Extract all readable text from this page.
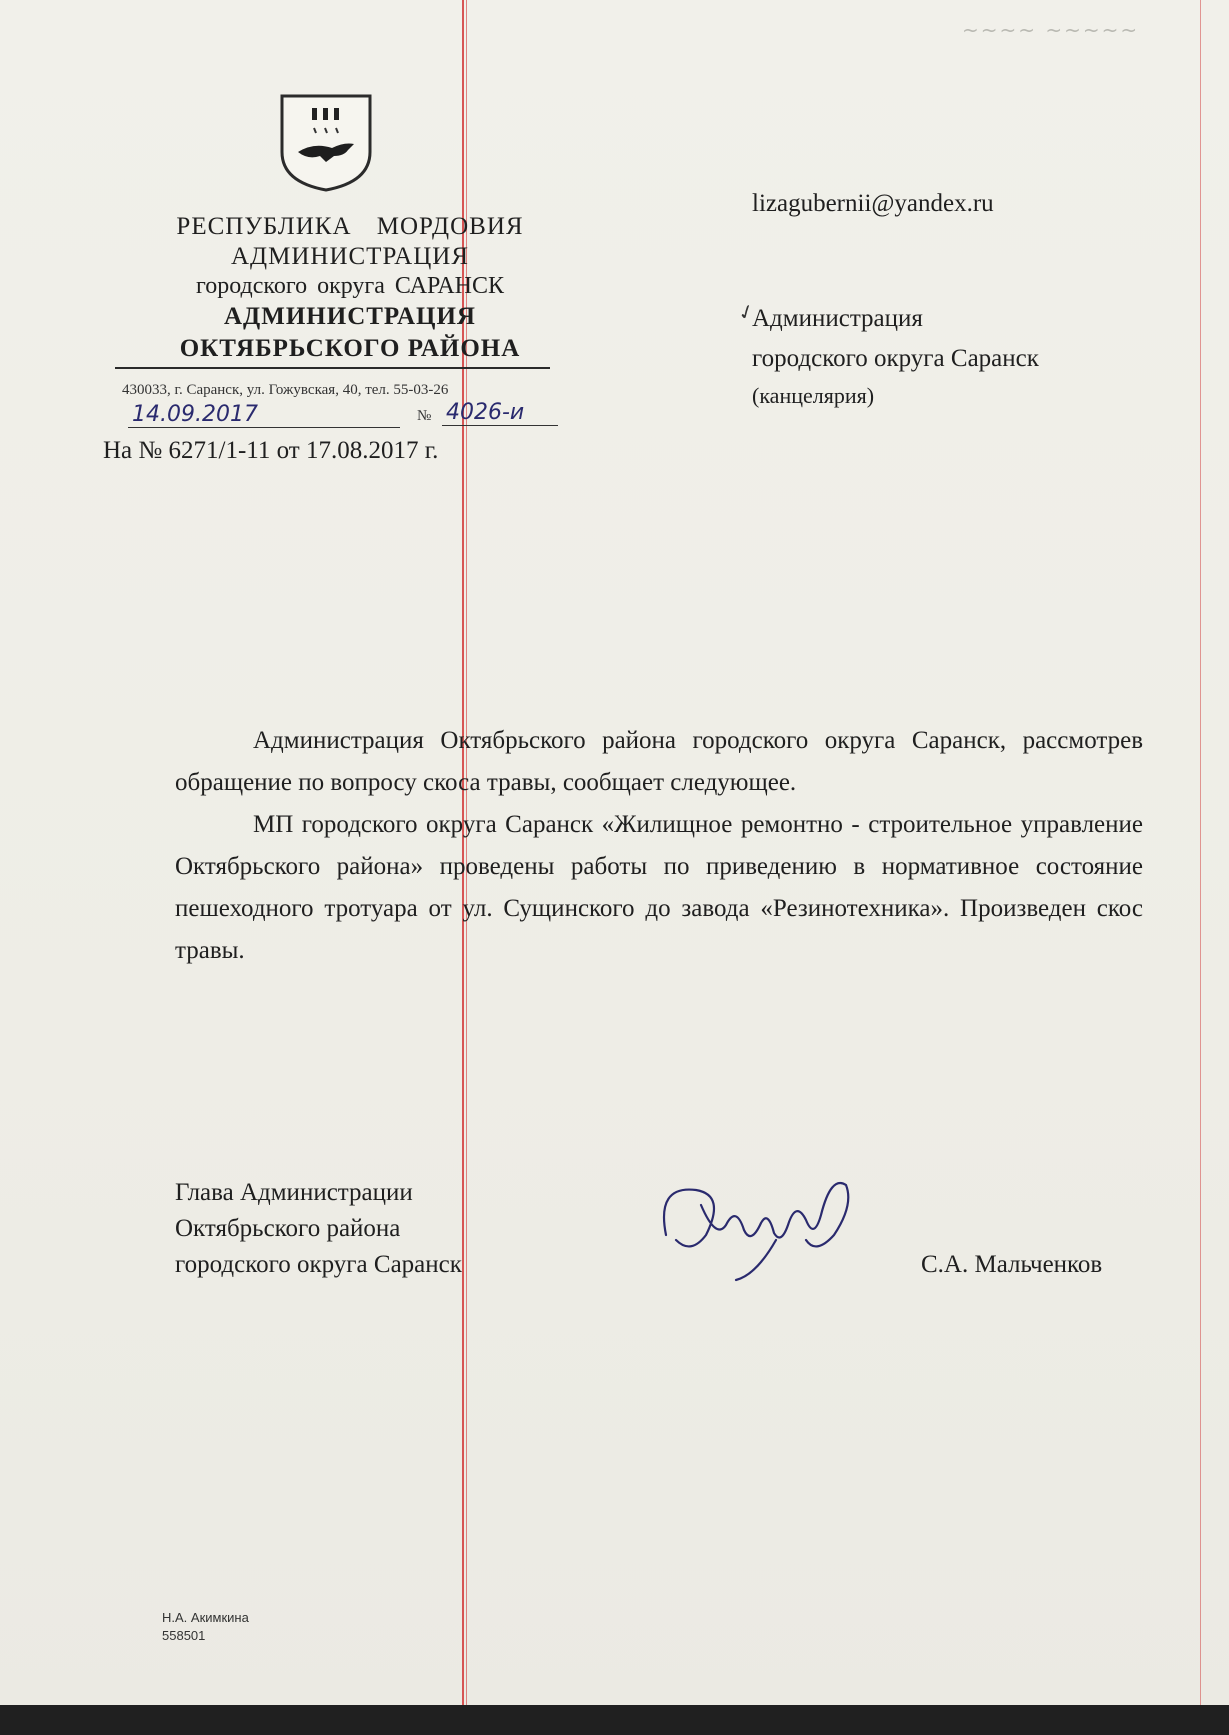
~~~~ ~~~~~
РЕСПУБЛИКА МОРДОВИЯ
АДМИНИСТРАЦИЯ
городского округа САРАНСК
АДМИНИСТРАЦИЯ
ОКТЯБРЬСКОГО РАЙОНА
430033, г. Саранск, ул. Гожувская, 40, тел. 55-03-26
14.09.2017	№ 4026-и
На № 6271/1-11 от 17.08.2017 г.
lizagubernii@yandex.ru
✓
Администрация
городского округа Саранск
(канцелярия)

Администрация Октябрьского района городского округа Саранск, рассмотрев обращение по вопросу скоса травы, сообщает следующее.

МП городского округа Саранск «Жилищное ремонтно - строительное управление Октябрьского района» проведены работы по приведению в нормативное состояние пешеходного тротуара от ул. Сущинского до завода «Резинотехника». Произведен скос травы.

Глава Администрации
Октябрьского района
городского округа Саранск	С.А. Мальченков
Н.А. Акимкина
558501
